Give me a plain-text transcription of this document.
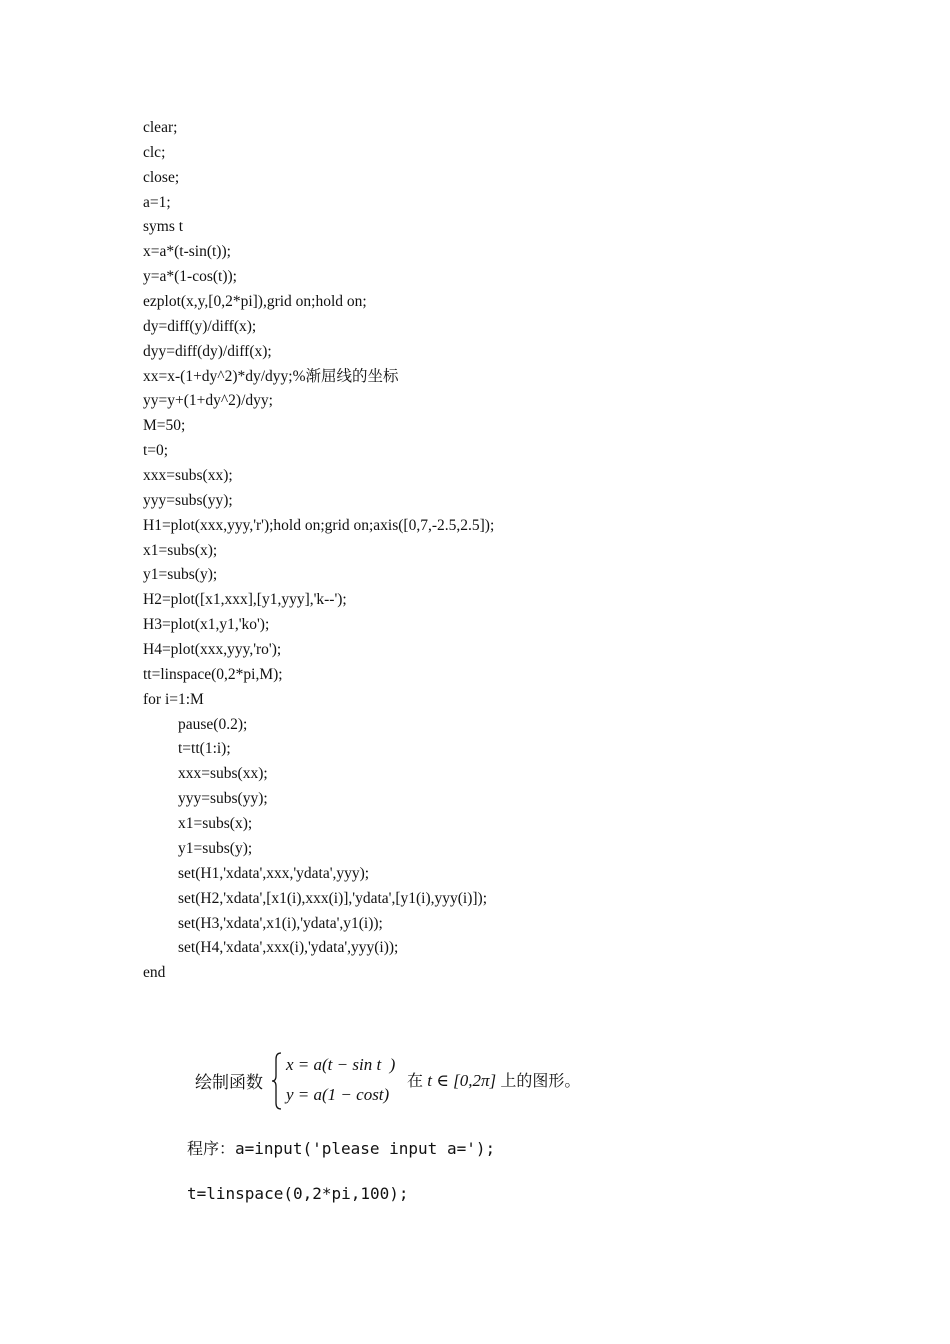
clear;
clc;
close;
a=1;
syms t
x=a*(t-sin(t));
y=a*(1-cos(t));
ezplot(x,y,[0,2*pi]),grid on;hold on;
dy=diff(y)/diff(x);
dyy=diff(dy)/diff(x);
xx=x-(1+dy^2)*dy/dyy;%渐屈线的坐标
yy=y+(1+dy^2)/dyy;
M=50;
t=0;
xxx=subs(xx);
yyy=subs(yy);
H1=plot(xxx,yyy,'r');hold on;grid on;axis([0,7,-2.5,2.5]);
x1=subs(x);
y1=subs(y);
H2=plot([x1,xxx],[y1,yyy],'k--');
H3=plot(x1,y1,'ko');
H4=plot(xxx,yyy,'ro');
tt=linspace(0,2*pi,M);
for i=1:M
pause(0.2);
t=tt(1:i);
xxx=subs(xx);
yyy=subs(yy);
x1=subs(x);
y1=subs(y);
set(H1,'xdata',xxx,'ydata',yyy);
set(H2,'xdata',[x1(i),xxx(i)],'ydata',[y1(i),yyy(i)]);
set(H3,'xdata',x1(i),'ydata',y1(i));
set(H4,'xdata',xxx(i),'ydata',yyy(i));
end
绘制函数
x = a(t − sin t  )
y = a(1 − cost)
在 t ∈ [0,2π] 上的图形。
程序：a=input('please input a=');
t=linspace(0,2*pi,100);
